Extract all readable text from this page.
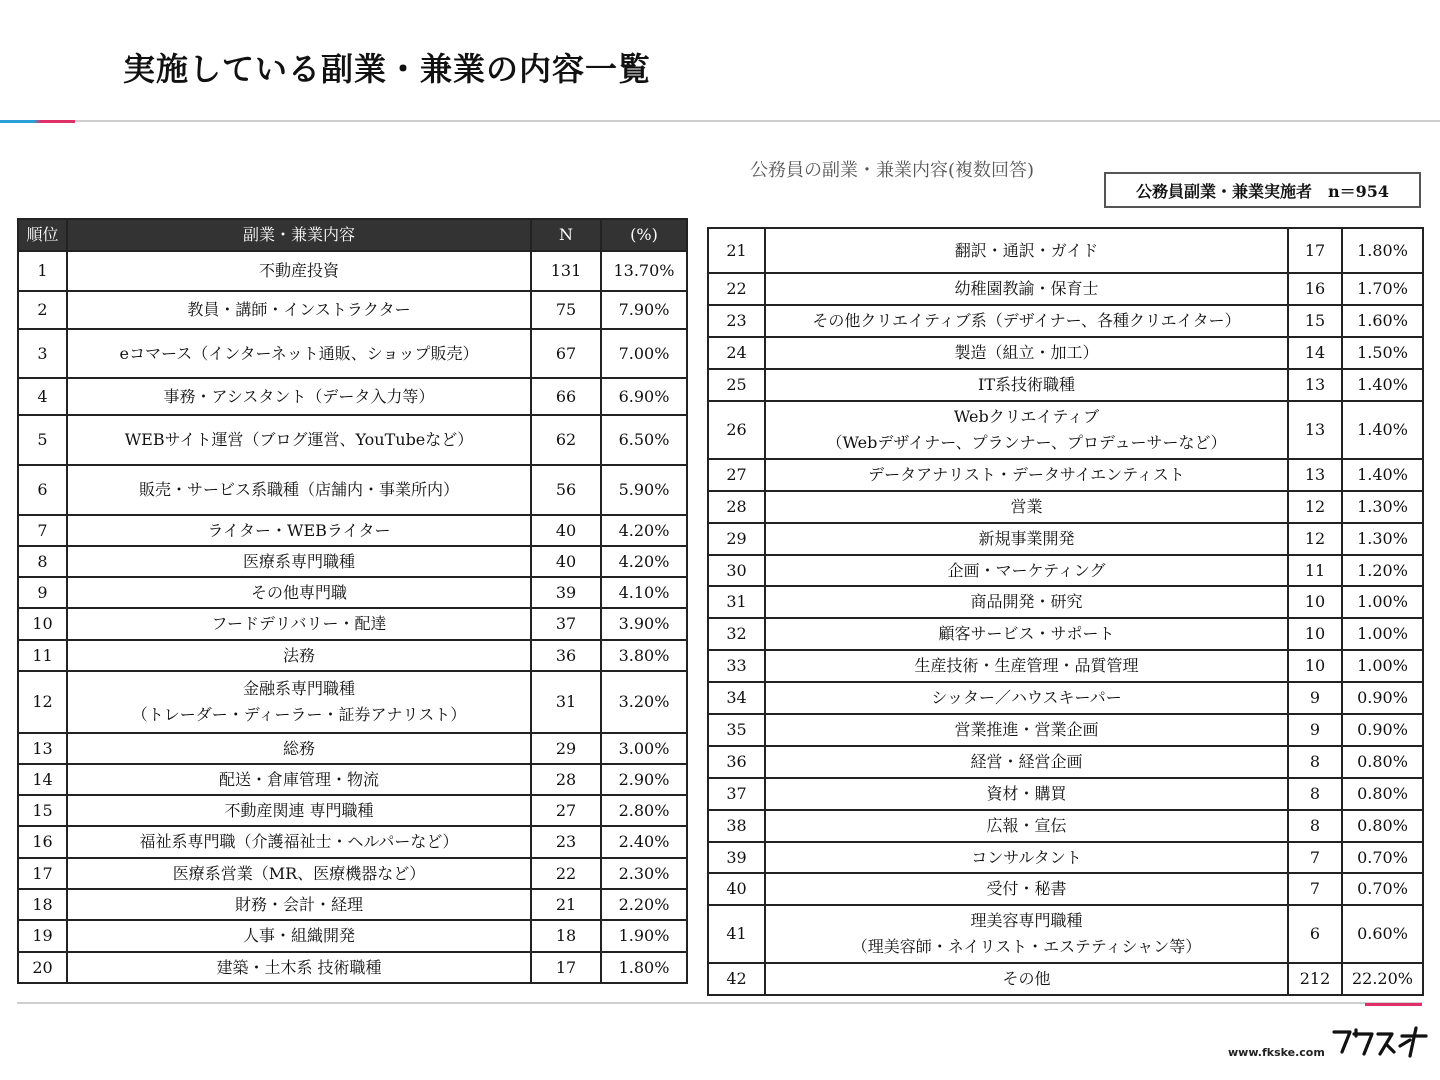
実施している副業・兼業の内容一覧
公務員の副業・兼業内容(複数回答)
公務員副業・兼業実施者　n＝954
順位	副業・兼業内容	N	(%)
1	不動産投資	131	13.70%
2	教員・講師・インストラクター	75	7.90%
3	eコマース（インターネット通販、ショップ販売）	67	7.00%
4	事務・アシスタント（データ入力等）	66	6.90%
5	WEBサイト運営（ブログ運営、YouTubeなど）	62	6.50%
6	販売・サービス系職種（店舗内・事業所内）	56	5.90%
7	ライター・WEBライター	40	4.20%
8	医療系専門職種	40	4.20%
9	その他専門職	39	4.10%
10	フードデリバリー・配達	37	3.90%
11	法務	36	3.80%
12	金融系専門職種
（トレーダー・ディーラー・証券アナリスト）	31	3.20%
13	総務	29	3.00%
14	配送・倉庫管理・物流	28	2.90%
15	不動産関連 専門職種	27	2.80%
16	福祉系専門職（介護福祉士・ヘルパーなど）	23	2.40%
17	医療系営業（MR、医療機器など）	22	2.30%
18	財務・会計・経理	21	2.20%
19	人事・組織開発	18	1.90%
20	建築・土木系 技術職種	17	1.80%
21	翻訳・通訳・ガイド	17	1.80%
22	幼稚園教諭・保育士	16	1.70%
23	その他クリエイティブ系（デザイナー、各種クリエイター）	15	1.60%
24	製造（組立・加工）	14	1.50%
25	IT系技術職種	13	1.40%
26	Webクリエイティブ
（Webデザイナー、プランナー、プロデューサーなど）	13	1.40%
27	データアナリスト・データサイエンティスト	13	1.40%
28	営業	12	1.30%
29	新規事業開発	12	1.30%
30	企画・マーケティング	11	1.20%
31	商品開発・研究	10	1.00%
32	顧客サービス・サポート	10	1.00%
33	生産技術・生産管理・品質管理	10	1.00%
34	シッター／ハウスキーパー	9	0.90%
35	営業推進・営業企画	9	0.90%
36	経営・経営企画	8	0.80%
37	資材・購買	8	0.80%
38	広報・宣伝	8	0.80%
39	コンサルタント	7	0.70%
40	受付・秘書	7	0.70%
41	理美容専門職種
（理美容師・ネイリスト・エステティシャン等）	6	0.60%
42	その他	212	22.20%
www.fkske.com
